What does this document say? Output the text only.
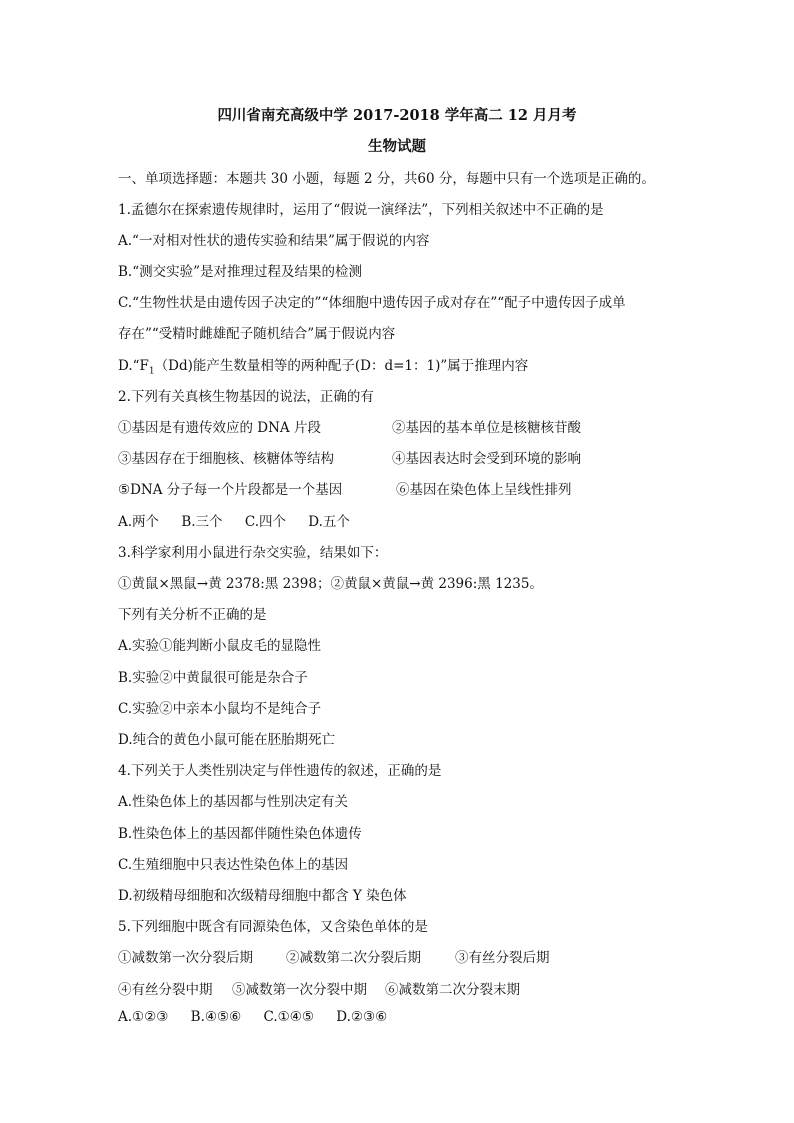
四川省南充高级中学 2017-2018 学年高二 12 月月考
生物试题
一、单项选择题：本题共 30 小题，每题 2 分，共60 分，每题中只有一个选项是正确的。
1.孟德尔在探索遗传规律时，运用了“假说一演绎法”，下列相关叙述中不正确的是
A.“一对相对性状的遗传实验和结果”属于假说的内容
B.“测交实验”是对推理过程及结果的检测
C.“生物性状是由遗传因子决定的”“体细胞中遗传因子成对存在”“配子中遗传因子成单
存在”“受精时雌雄配子随机结合”属于假说内容
$D.“F_1(Dd)$能产生数量相等的两种配子(D：d=1：1)”属于推理内容
2.下列有关真核生物基因的说法，正确的有
①基因是有遗传效应的 DNA 片段	②基因的基本单位是核糖核苷酸
③基因存在于细胞核、核糖体等结构	④基因表达时会受到环境的影响
⑤DNA 分子每一个片段都是一个基因	⑥基因在染色体上呈线性排列
A.两个 B.三个 C.四个 D.五个
3.科学家利用小鼠进行杂交实验，结果如下：
①黄鼠×黑鼠→黄 2378:黑 2398；②黄鼠×黄鼠→黄 2396:黑 1235。
下列有关分析不正确的是
A.实验①能判断小鼠皮毛的显隐性
B.实验②中黄鼠很可能是杂合子
C.实验②中亲本小鼠均不是纯合子
D.纯合的黄色小鼠可能在胚胎期死亡
4.下列关于人类性别决定与伴性遗传的叙述，正确的是
A.性染色体上的基因都与性别决定有关
B.性染色体上的基因都伴随性染色体遗传
C.生殖细胞中只表达性染色体上的基因
D.初级精母细胞和次级精母细胞中都含 Y 染色体
5.下列细胞中既含有同源染色体，又含染色单体的是
①减数第一次分裂后期 ②减数第二次分裂后期	③有丝分裂后期
④有丝分裂中期 ⑤减数第一次分裂中期 ⑥减数第二次分裂末期
A.①②③ B.④⑤⑥ C.①④⑤ D.②③⑥
